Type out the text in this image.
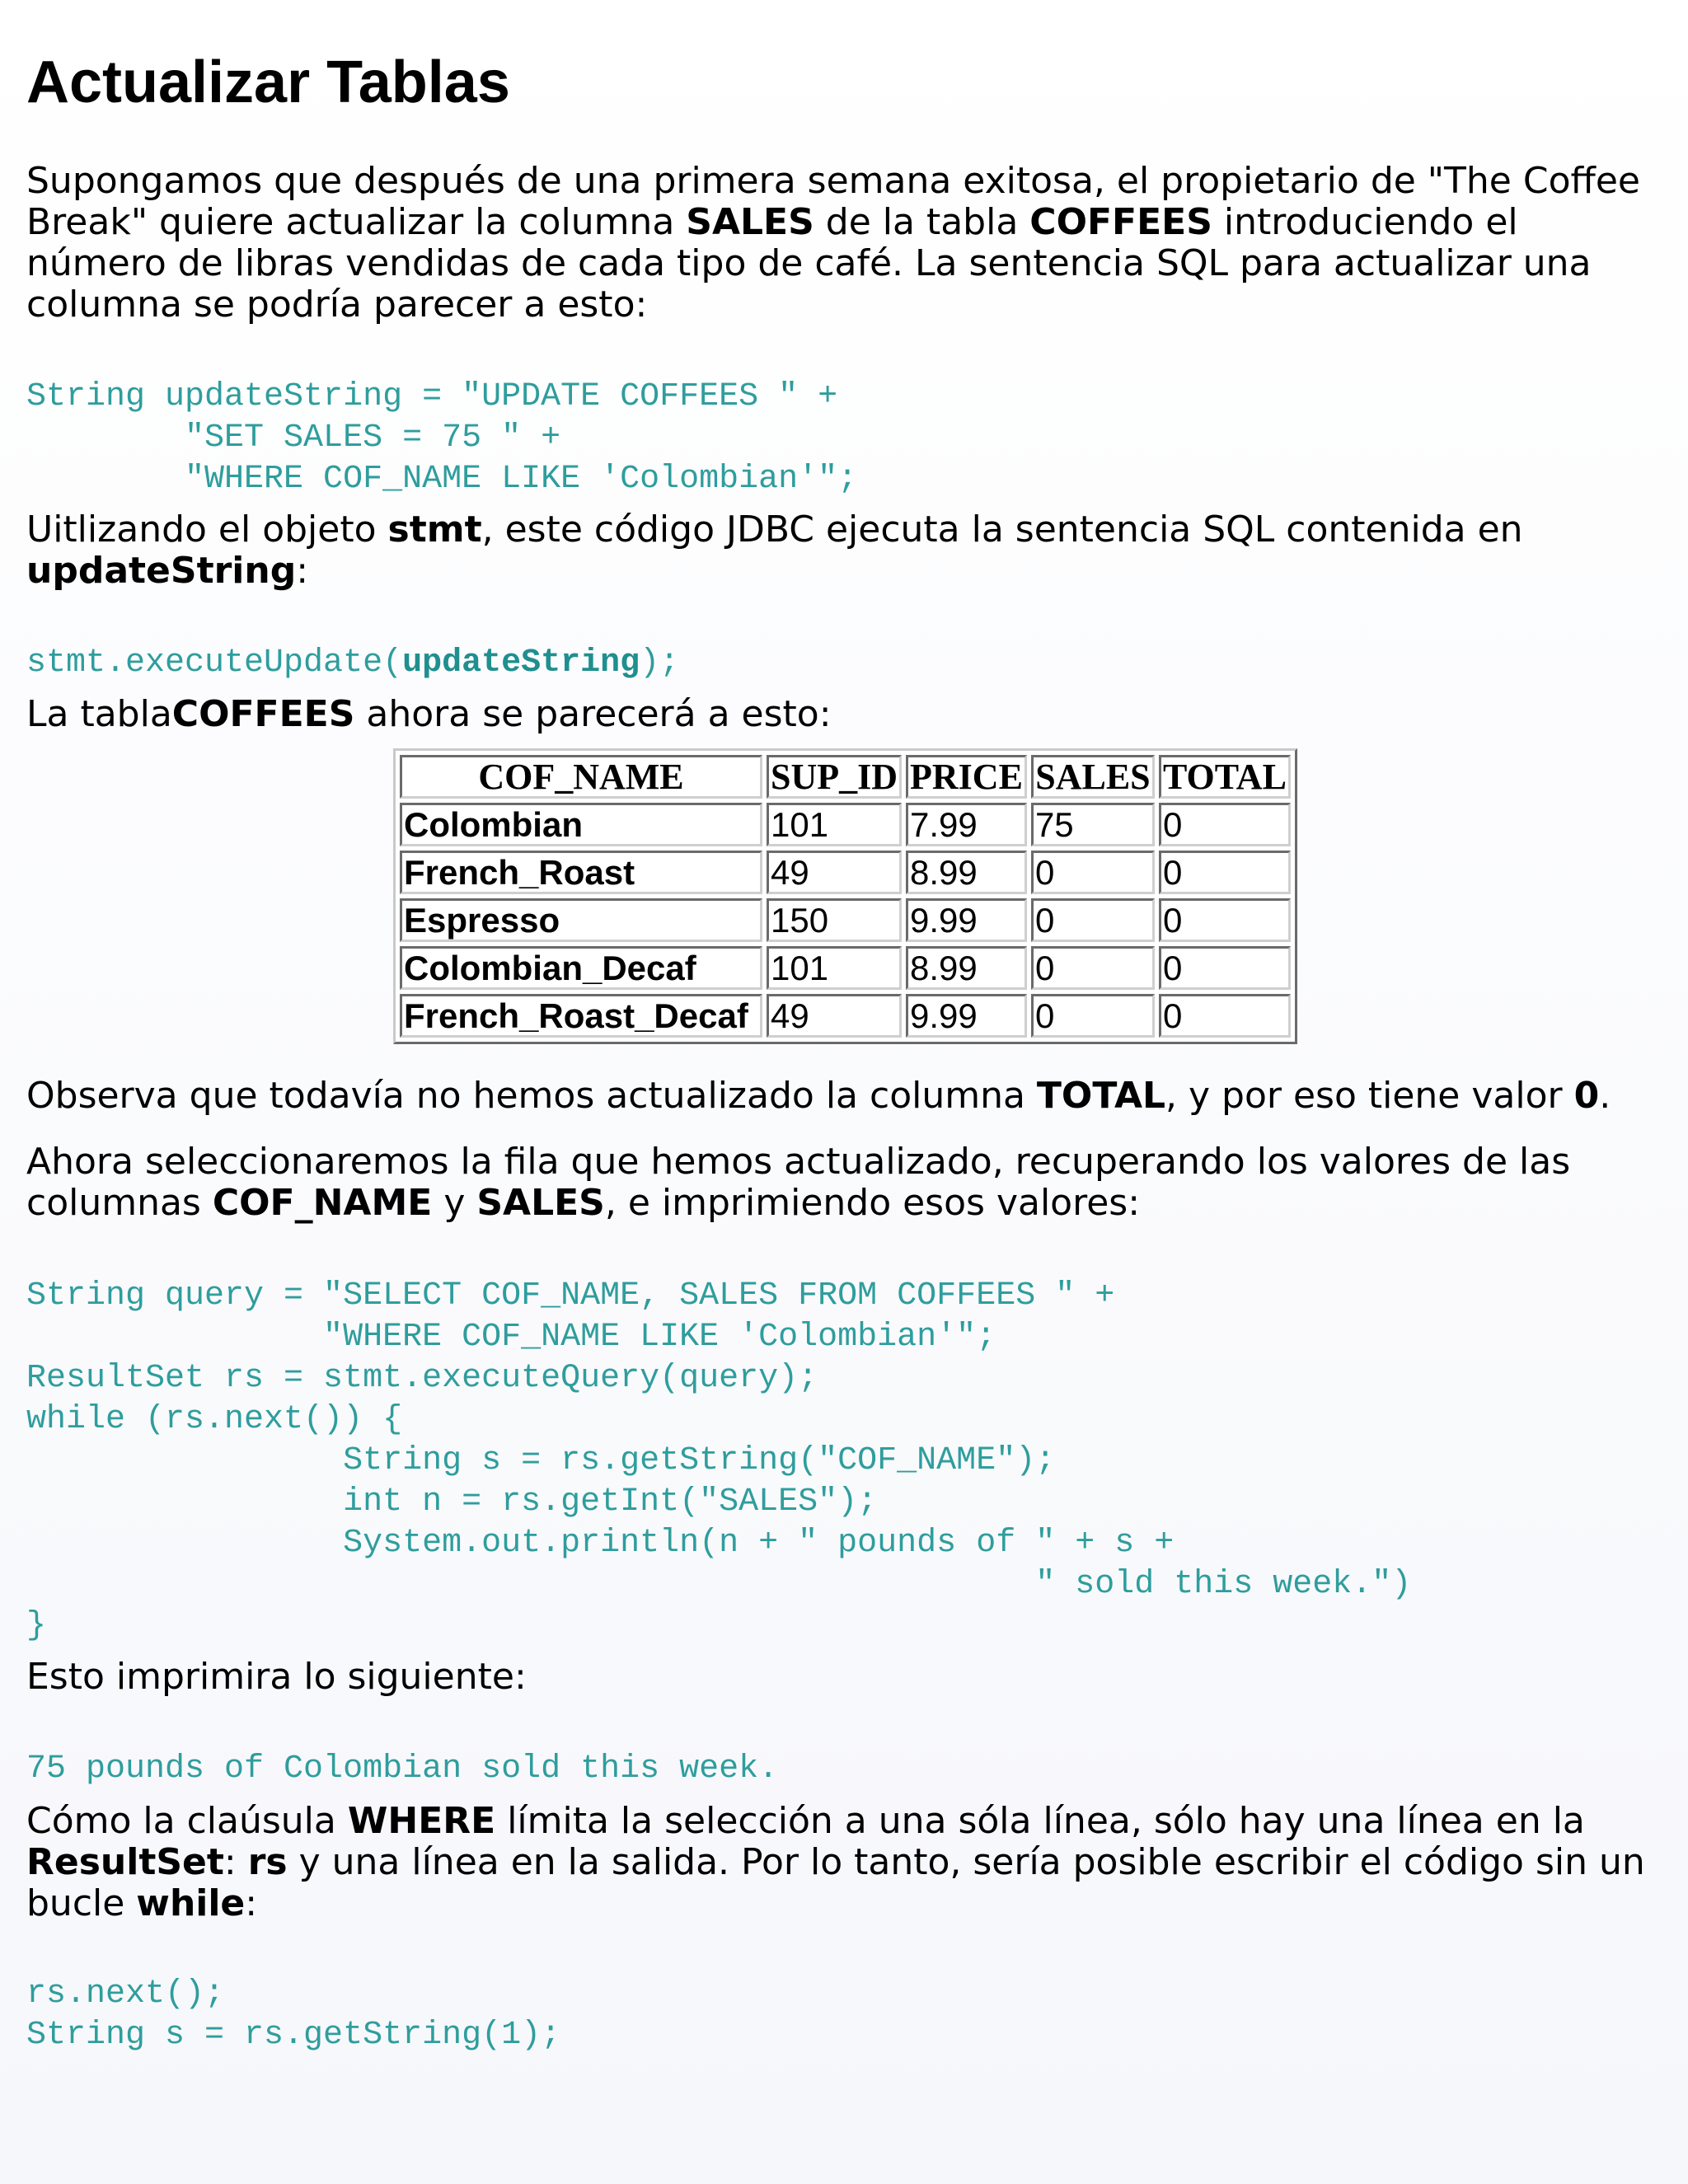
Actualizar Tablas

Supongamos que después de una primera semana exitosa, el propietario de "The Coffee Break" quiere actualizar la columna SALES de la tabla COFFEES introduciendo el número de libras vendidas de cada tipo de café. La sentencia SQL para actualizar una columna se podría parecer a esto:

String updateString = "UPDATE COFFEES " +
"SET SALES = 75 " +
"WHERE COF_NAME LIKE 'Colombian'";

Uitlizando el objeto stmt, este código JDBC ejecuta la sentencia SQL contenida en updateString:

stmt.executeUpdate(updateString);

La tablaCOFFEES ahora se parecerá a esto:

COF_NAME	SUP_ID	PRICE	SALES	TOTAL
Colombian	101	7.99	75	0
French_Roast	49	8.99	0	0
Espresso	150	9.99	0	0
Colombian_Decaf	101	8.99	0	0
French_Roast_Decaf	49	9.99	0	0

Observa que todavía no hemos actualizado la columna TOTAL, y por eso tiene valor 0.

Ahora seleccionaremos la fila que hemos actualizado, recuperando los valores de las columnas COF_NAME y SALES, e imprimiendo esos valores:

String query = "SELECT COF_NAME, SALES FROM COFFEES " +
"WHERE COF_NAME LIKE 'Colombian'";
ResultSet rs = stmt.executeQuery(query);
while (rs.next()) {
String s = rs.getString("COF_NAME");
int n = rs.getInt("SALES");
System.out.println(n + " pounds of " + s +
" sold this week.")
}

Esto imprimira lo siguiente:

75 pounds of Colombian sold this week.

Cómo la claúsula WHERE límita la selección a una sóla línea, sólo hay una línea en la ResultSet: rs y una línea en la salida. Por lo tanto, sería posible escribir el código sin un bucle while:

rs.next();
String s = rs.getString(1);
